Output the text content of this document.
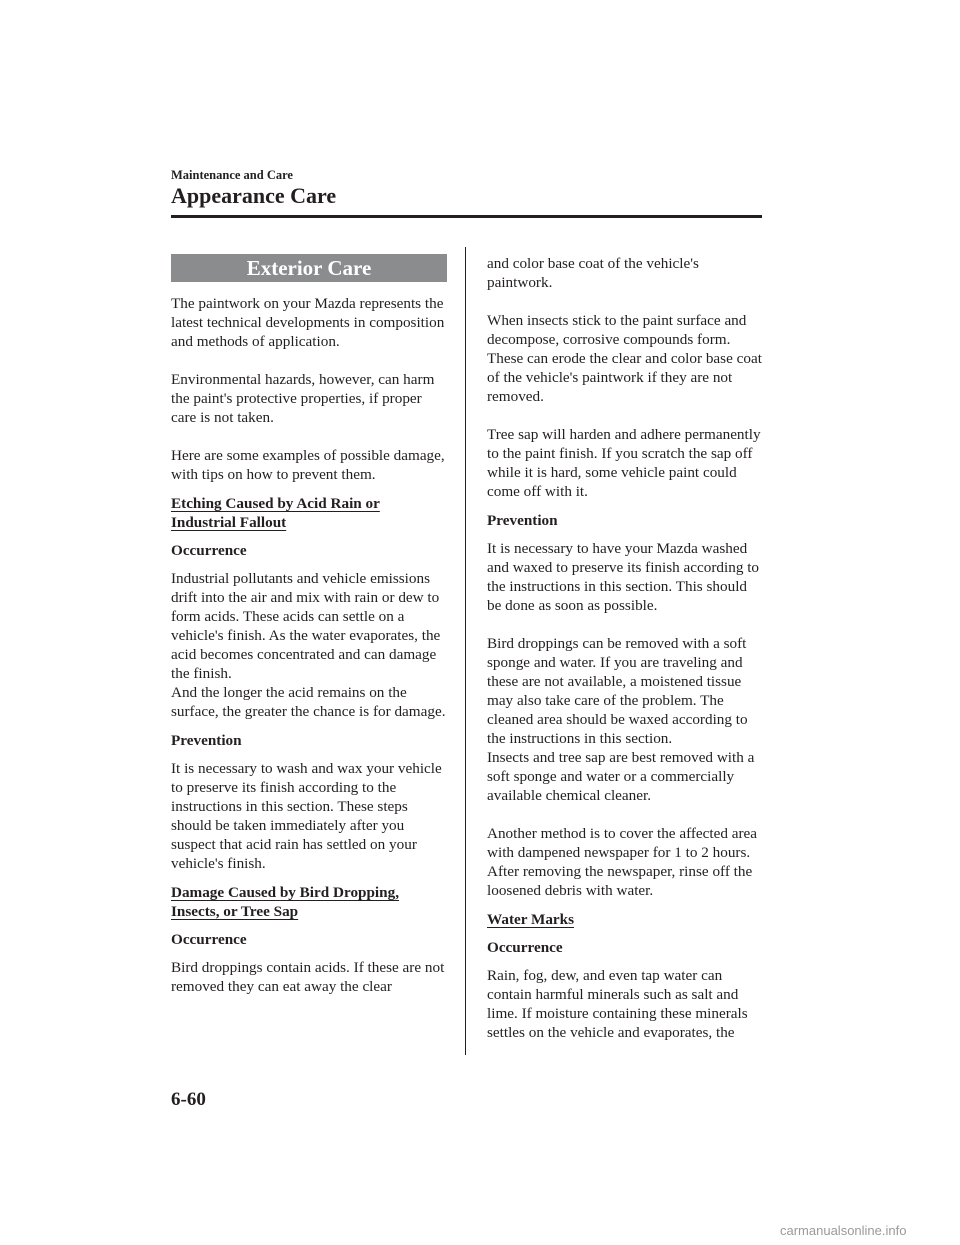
Maintenance and Care
Appearance Care
Exterior Care

The paintwork on your Mazda represents the latest technical developments in composition and methods of application.

Environmental hazards, however, can harm the paint's protective properties, if proper care is not taken.

Here are some examples of possible damage, with tips on how to prevent them.

Etching Caused by Acid Rain or
Industrial Fallout
Occurrence

Industrial pollutants and vehicle emissions drift into the air and mix with rain or dew to form acids. These acids can settle on a vehicle's finish. As the water evaporates, the acid becomes concentrated and can damage the finish.

And the longer the acid remains on the surface, the greater the chance is for damage.

Prevention

It is necessary to wash and wax your vehicle to preserve its finish according to the instructions in this section. These steps should be taken immediately after you suspect that acid rain has settled on your vehicle's finish.

Damage Caused by Bird Dropping,
Insects, or Tree Sap
Occurrence

Bird droppings contain acids. If these are not removed they can eat away the clear

and color base coat of the vehicle's paintwork.

When insects stick to the paint surface and decompose, corrosive compounds form. These can erode the clear and color base coat of the vehicle's paintwork if they are not removed.

Tree sap will harden and adhere permanently to the paint finish. If you scratch the sap off while it is hard, some vehicle paint could come off with it.

Prevention

It is necessary to have your Mazda washed and waxed to preserve its finish according to the instructions in this section. This should be done as soon as possible.

Bird droppings can be removed with a soft sponge and water. If you are traveling and these are not available, a moistened tissue may also take care of the problem. The cleaned area should be waxed according to the instructions in this section.

Insects and tree sap are best removed with a soft sponge and water or a commercially available chemical cleaner.

Another method is to cover the affected area with dampened newspaper for 1 to 2 hours. After removing the newspaper, rinse off the loosened debris with water.

Water Marks
Occurrence

Rain, fog, dew, and even tap water can contain harmful minerals such as salt and lime. If moisture containing these minerals settles on the vehicle and evaporates, the

6-60
carmanualsonline.info
